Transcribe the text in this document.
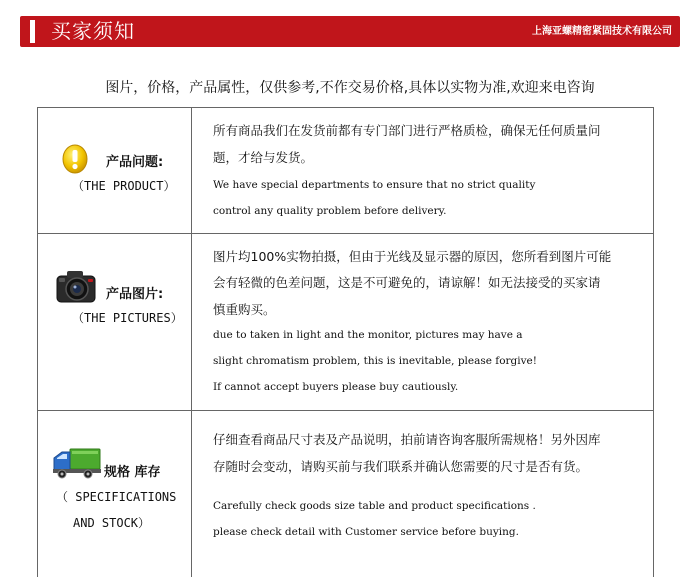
买家须知	上海亚螺精密紧固技术有限公司
图片，价格，产品属性，仅供参考,不作交易价格,具体以实物为准,欢迎来电咨询
产品问题:
（THE PRODUCT）
所有商品我们在发货前都有专门部门进行严格质检，确保无任何质量问
题，才给与发货。
We have special departments to ensure that no strict quality
control any quality problem before delivery.
产品图片:
（THE PICTURES）
图片均100%实物拍摄，但由于光线及显示器的原因，您所看到图片可能
会有轻微的色差问题，这是不可避免的，请谅解！如无法接受的买家请
慎重购买。
due to taken in light and the monitor, pictures may have a
slight chromatism problem, this is inevitable, please forgive!
If cannot accept buyers please buy cautiously.
规格 库存
（ SPECIFICATIONS
AND STOCK）
仔细查看商品尺寸表及产品说明，拍前请咨询客服所需规格！另外因库
存随时会变动，请购买前与我们联系并确认您需要的尺寸是否有货。
Carefully check goods size table and product specifications .
please check detail with Customer service before buying.
